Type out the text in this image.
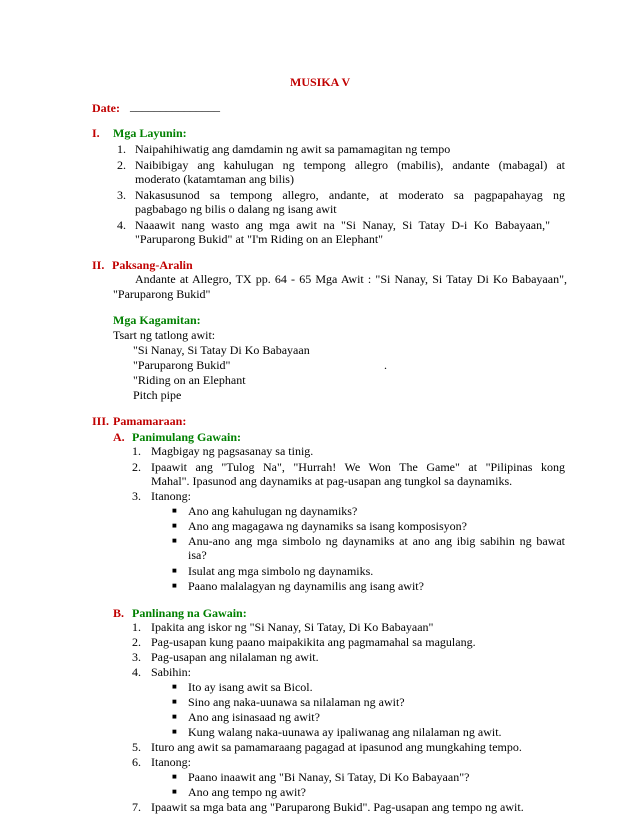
MUSIKA V
Date: _______________
I. Mga Layunin:
1. Naipahihiwatig ang damdamin ng awit sa pamamagitan ng tempo
2. Naibibigay ang kahulugan ng tempong allegro (mabilis), andante (mabagal) at
moderato (katamtaman ang bilis)
3. Nakasusunod sa tempong allegro, andante, at moderato sa pagpapahayag ng
pagbabago ng bilis o dalang ng isang awit
4. Naaawit nang wasto ang mga awit na "Si Nanay, Si Tatay D-i Ko Babayaan,"
"Paruparong Bukid" at "I'm Riding on an Elephant"
II. Paksang-Aralin
Andante at Allegro, TX pp. 64 - 65 Mga Awit : "Si Nanay, Si Tatay Di Ko Babayaan",
"Paruparong Bukid"
Mga Kagamitan:
Tsart ng tatlong awit:
"Si Nanay, Si Tatay Di Ko Babayaan
"Paruparong Bukid"	.
"Riding on an Elephant
Pitch pipe
III. Pamamaraan:
A. Panimulang Gawain:
1. Magbigay ng pagsasanay sa tinig.
2. Ipaawit ang "Tulog Na", "Hurrah! We Won The Game" at "Pilipinas kong
Mahal". Ipasunod ang daynamiks at pag-usapan ang tungkol sa daynamiks.
3. Itanong:
■ Ano ang kahulugan ng daynamiks?
■ Ano ang magagawa ng daynamiks sa isang komposisyon?
■ Anu-ano ang mga simbolo ng daynamiks at ano ang ibig sabihin ng bawat
isa?
■ Isulat ang mga simbolo ng daynamiks.
■ Paano malalagyan ng daynamilis ang isang awit?
B. Panlinang na Gawain:
1. Ipakita ang iskor ng "Si Nanay, Si Tatay, Di Ko Babayaan"
2. Pag-usapan kung paano maipakikita ang pagmamahal sa magulang.
3. Pag-usapan ang nilalaman ng awit.
4. Sabihin:
■ Ito ay isang awit sa Bicol.
■ Sino ang naka-uunawa sa nilalaman ng awit?
■ Ano ang isinasaad ng awit?
■ Kung walang naka-uunawa ay ipaliwanag ang nilalaman ng awit.
5. Ituro ang awit sa pamamaraang pagagad at ipasunod ang mungkahing tempo.
6. Itanong:
■ Paano inaawit ang "Bi Nanay, Si Tatay, Di Ko Babayaan"?
■ Ano ang tempo ng awit?
7. Ipaawit sa mga bata ang "Paruparong Bukid". Pag-usapan ang tempo ng awit.
